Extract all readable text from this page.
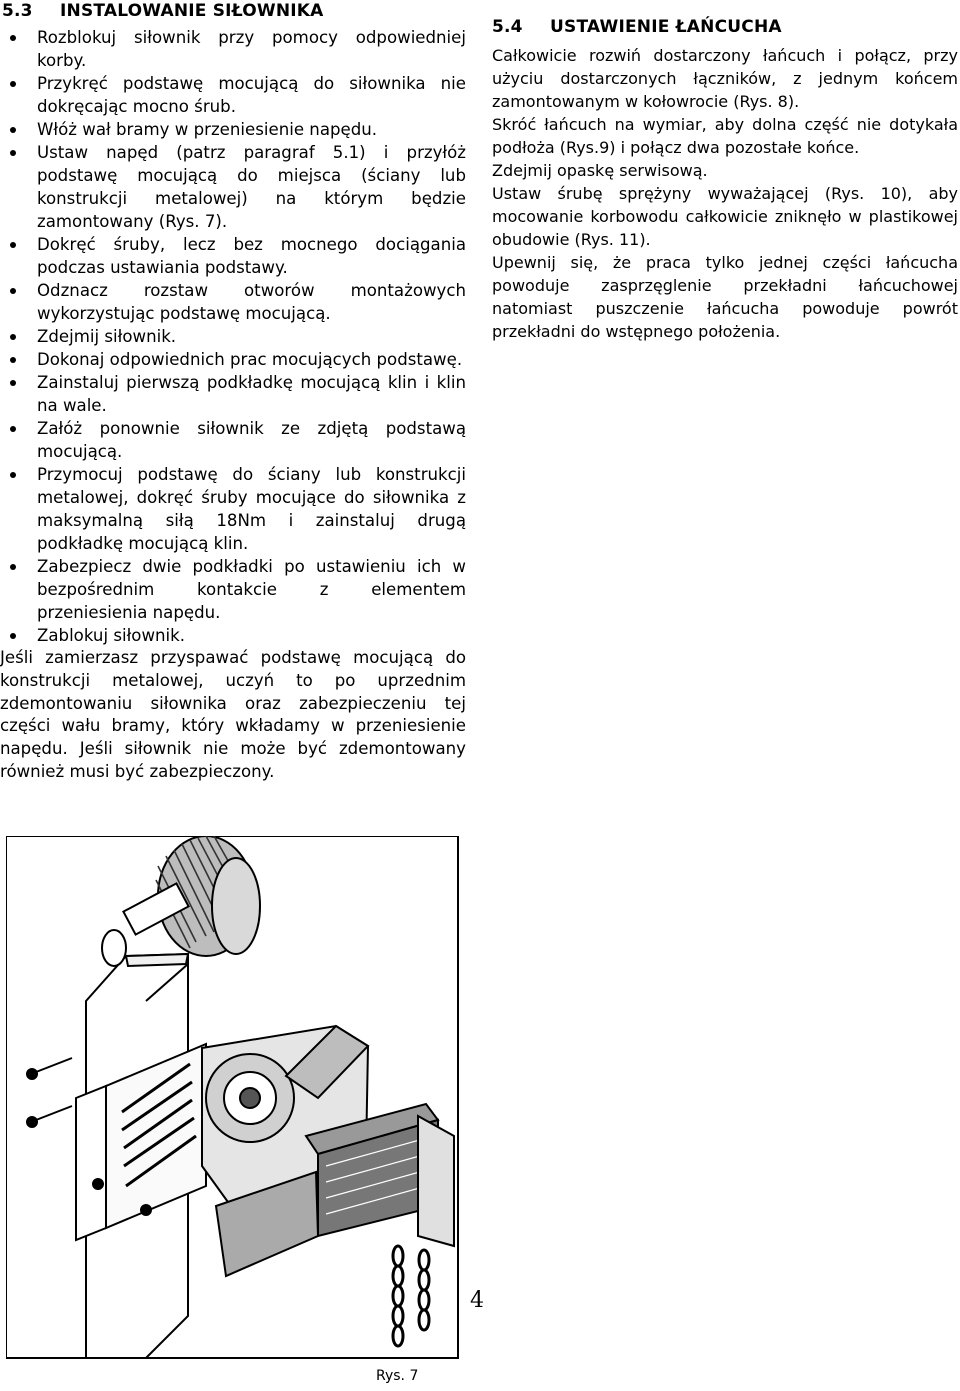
5.3 INSTALOWANIE SIŁOWNIKA
Rozblokuj siłownik przy pomocy odpowiedniej korby.
Przykręć podstawę mocującą do siłownika nie dokręcając mocno śrub.
Włóż wał bramy w przeniesienie napędu.
Ustaw napęd (patrz paragraf 5.1) i przyłóż podstawę mocującą do miejsca (ściany lub konstrukcji metalowej) na którym będzie zamontowany (Rys. 7).
Dokręć śruby, lecz bez mocnego dociągania podczas ustawiania podstawy.
Odznacz rozstaw otworów montażowych wykorzystując podstawę mocującą.
Zdejmij siłownik.
Dokonaj odpowiednich prac mocujących podstawę.
Zainstaluj pierwszą podkładkę mocującą klin i klin na wale.
Załóż ponownie siłownik ze zdjętą podstawą mocującą.
Przymocuj podstawę do ściany lub konstrukcji metalowej, dokręć śruby mocujące do siłownika z maksymalną siłą 18Nm i zainstaluj drugą podkładkę mocującą klin.
Zabezpiecz dwie podkładki po ustawieniu ich w bezpośrednim kontakcie z elementem przeniesienia napędu.
Zablokuj siłownik.

Jeśli zamierzasz przyspawać podstawę mocującą do konstrukcji metalowej, uczyń to po uprzednim zdemontowaniu siłownika oraz zabezpieczeniu tej części wału bramy, który wkładamy w przeniesienie napędu. Jeśli siłownik nie może być zdemontowany również musi być zabezpieczony.

5.4 USTAWIENIE ŁAŃCUCHA

Całkowicie rozwiń dostarczony łańcuch i połącz, przy użyciu dostarczonych łączników, z jednym końcem zamontowanym w kołowrocie (Rys. 8).

Skróć łańcuch na wymiar, aby dolna część nie dotykała podłoża (Rys.9) i połącz dwa pozostałe końce.

Zdejmij opaskę serwisową.

Ustaw śrubę sprężyny wyważającej (Rys. 10), aby mocowanie korbowodu całkowicie zniknęło w plastikowej obudowie (Rys. 11).

Upewnij się, że praca tylko jednej części łańcucha powoduje zasprzęglenie przekładni łańcuchowej natomiast puszczenie łańcucha powoduje powrót przekładni do wstępnego położenia.

4
Rys. 7
